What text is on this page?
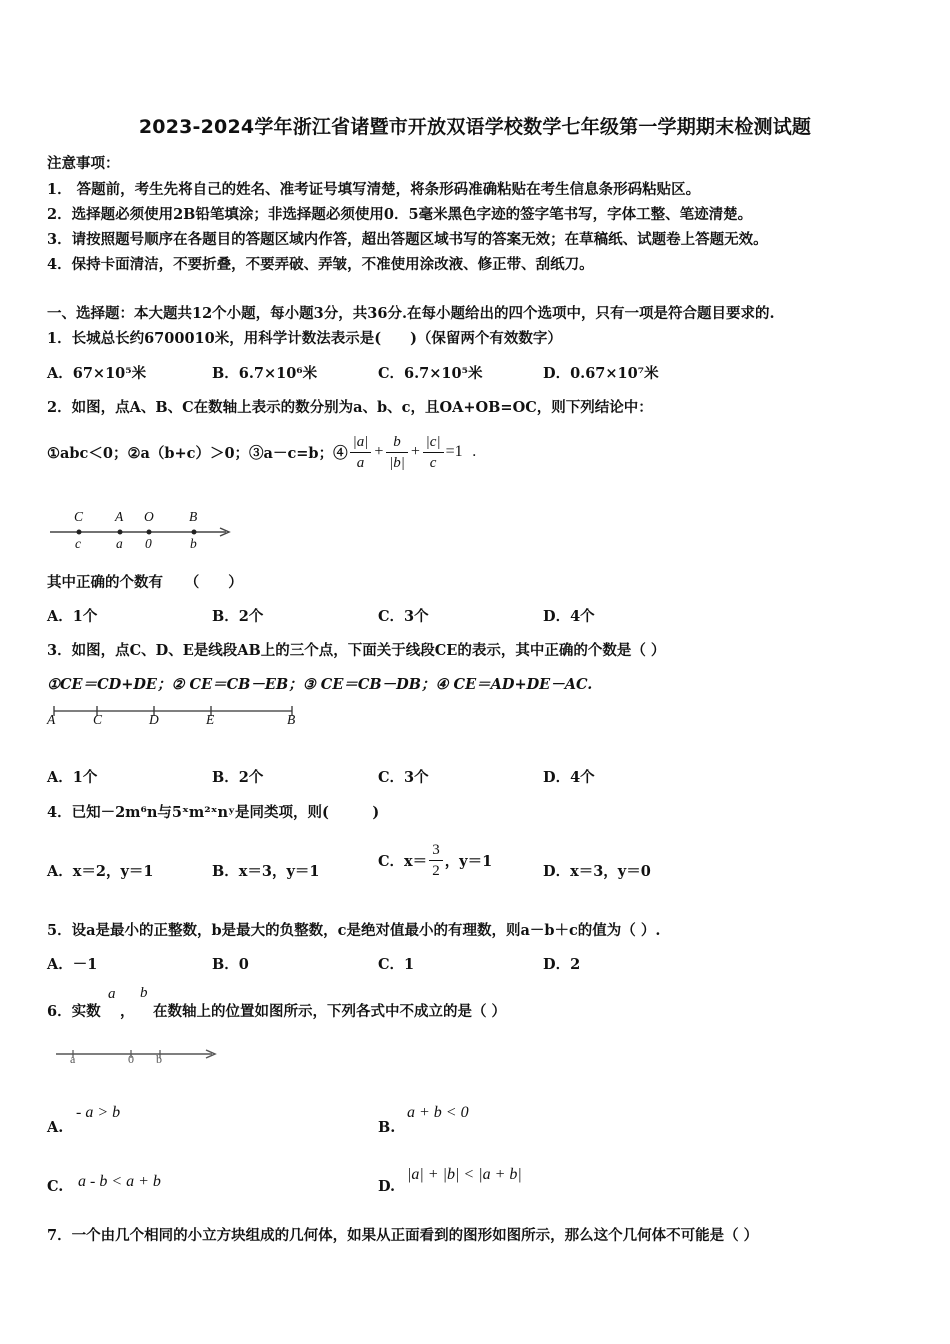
2023-2024学年浙江省诸暨市开放双语学校数学七年级第一学期期末检测试题
注意事项：
1． 答题前，考生先将自己的姓名、准考证号填写清楚，将条形码准确粘贴在考生信息条形码粘贴区。
2．选择题必须使用2B铅笔填涂；非选择题必须使用0．5毫米黑色字迹的签字笔书写，字体工整、笔迹清楚。
3．请按照题号顺序在各题目的答题区域内作答，超出答题区域书写的答案无效；在草稿纸、试题卷上答题无效。
4．保持卡面清洁，不要折叠，不要弄破、弄皱，不准使用涂改液、修正带、刮纸刀。
一、选择题：本大题共12个小题，每小题3分，共36分.在每小题给出的四个选项中，只有一项是符合题目要求的.
1．长城总长约6700010米，用科学计数法表示是(　　)（保留两个有效数字）
A．67×10⁵米	B．6.7×10⁶米	C．6.7×10⁵米	D．0.67×10⁷米
2．如图，点A、B、C在数轴上表示的数分别为a、b、c，且OA+OB=OC，则下列结论中：
①abc＜0；②a（b+c）＞0；③a－c=b；④ $\frac{|a|}{a} + \frac{b}{|b|} + \frac{|c|}{c} =1$ .
C A O	B
c	a 0	b
其中正确的个数有　　（　　）
A．1个	B．2个	C．3个	D．4个
3．如图，点C、D、E是线段AB上的三个点，下面关于线段CE的表示，其中正确的个数是（ ）
①CE＝CD+DE；② CE＝CB－EB；③ CE＝CB－DB；④ CE＝AD+DE－AC.
A	C	D	E	B
A．1个	B．2个	C．3个	D．4个
4．已知－2m⁶n与5ˣm²ˣnʸ是同类项，则(　　　)
A．x＝2，y＝1	B．x＝3，y＝1
C．$x= \frac{3}{2}$ ，y＝1
D．x＝3，y＝0
5．设a是最小的正整数，b是最大的负整数，c是绝对值最小的有理数，则a－b＋c的值为（ ）.
A．－1	B．0	C．1	D．2
6．实数
a
，
b
在数轴上的位置如图所示，下列各式中不成立的是（ ）
a	0 b
A.
- a > b
B.
a + b < 0
C. a - b < a + b	D.
|a| + |b| < |a + b|
7．一个由几个相同的小立方块组成的几何体，如果从正面看到的图形如图所示，那么这个几何体不可能是（ ）
